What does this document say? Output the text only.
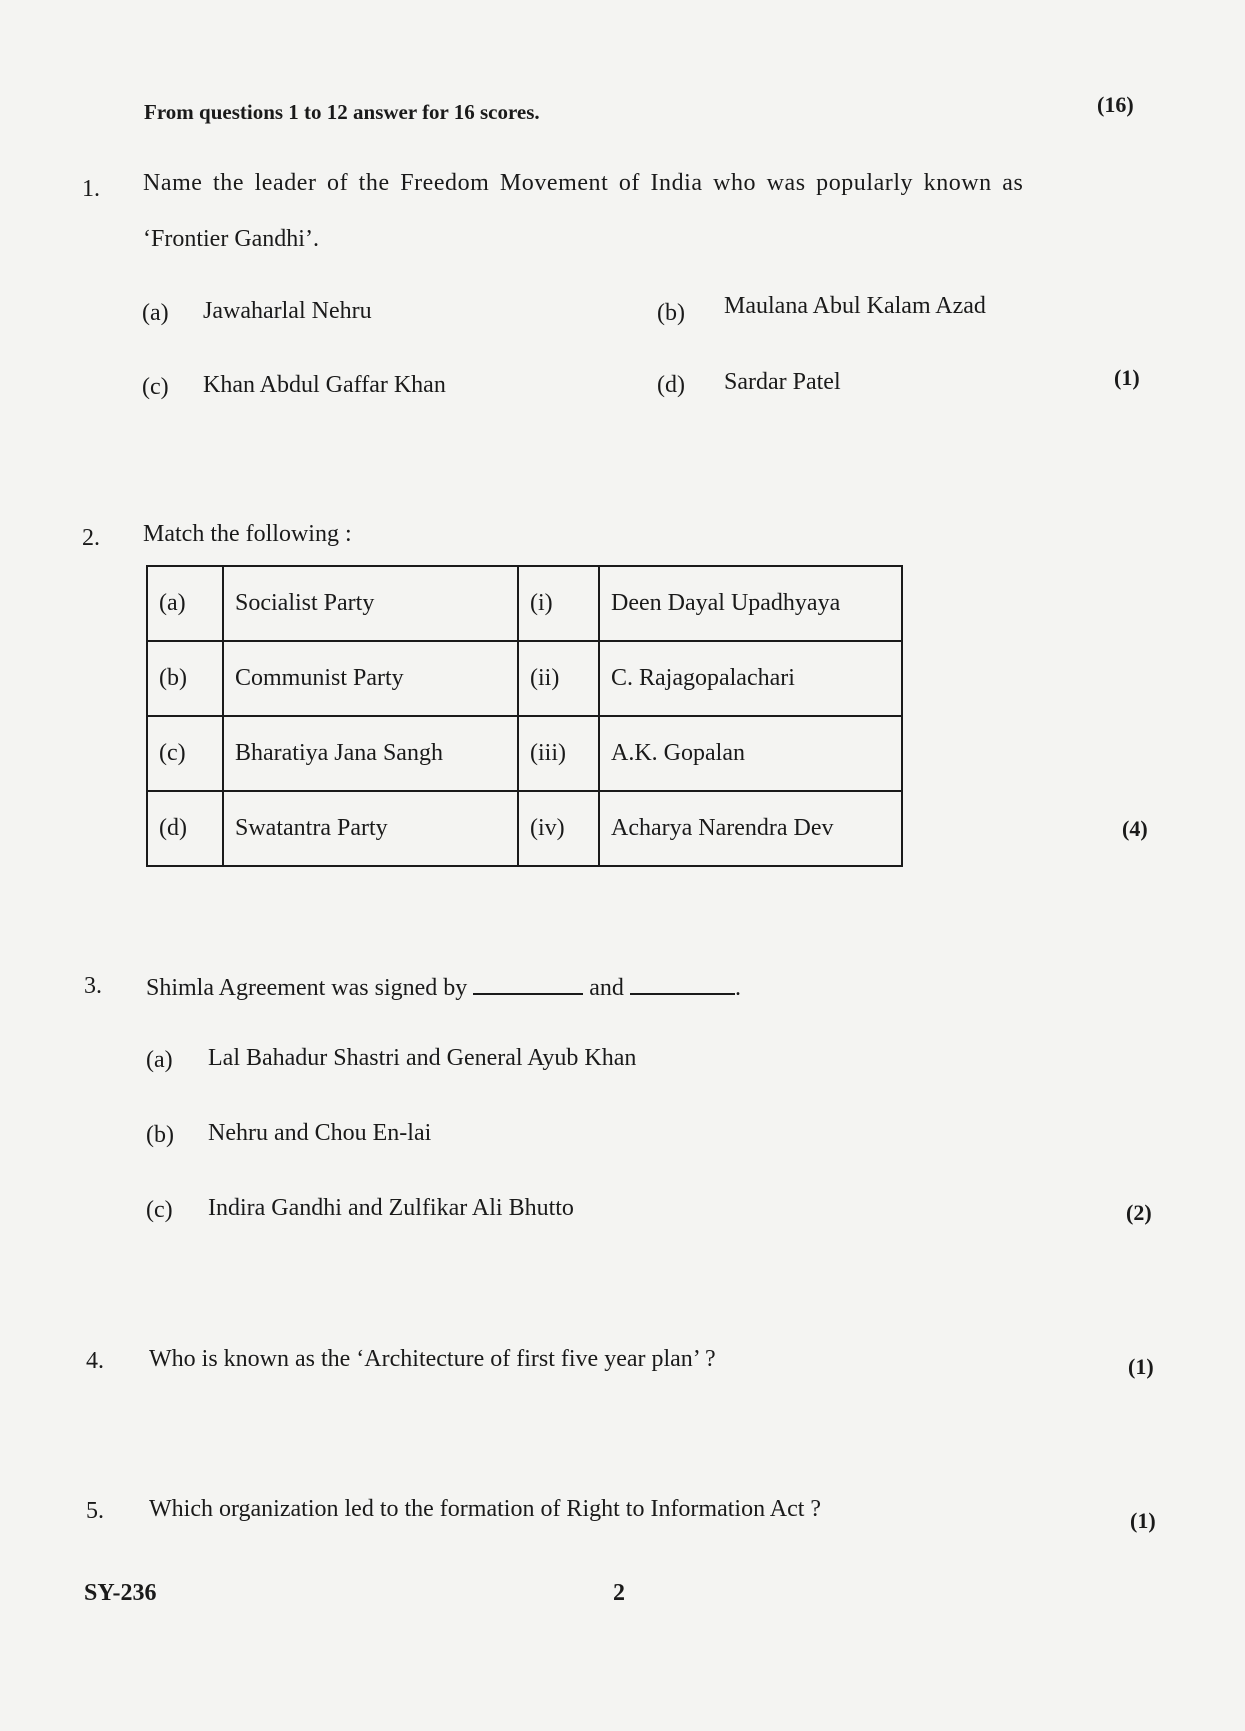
From questions 1 to 12 answer for 16 scores.	(16)
1. Name the leader of the Freedom Movement of India who was popularly known as
‘Frontier Gandhi’.
(a) Jawaharlal Nehru	(b) Maulana Abul Kalam Azad
(c) Khan Abdul Gaffar Khan	(d) Sardar Patel	(1)
2. Match the following :
(a)	Socialist Party	(i)	Deen Dayal Upadhyaya
(b)	Communist Party	(ii)	C. Rajagopalachari
(c)	Bharatiya Jana Sangh	(iii)	A.K. Gopalan
(d)	Swatantra Party	(iv)	Acharya Narendra Dev	(4)
3. Shimla Agreement was signed by	and	.
(a) Lal Bahadur Shastri and General Ayub Khan
(b) Nehru and Chou En-lai
(c) Indira Gandhi and Zulfikar Ali Bhutto	(2)
4. Who is known as the ‘Architecture of first five year plan’ ?	(1)
5. Which organization led to the formation of Right to Information Act ?	(1)
SY-236	2
